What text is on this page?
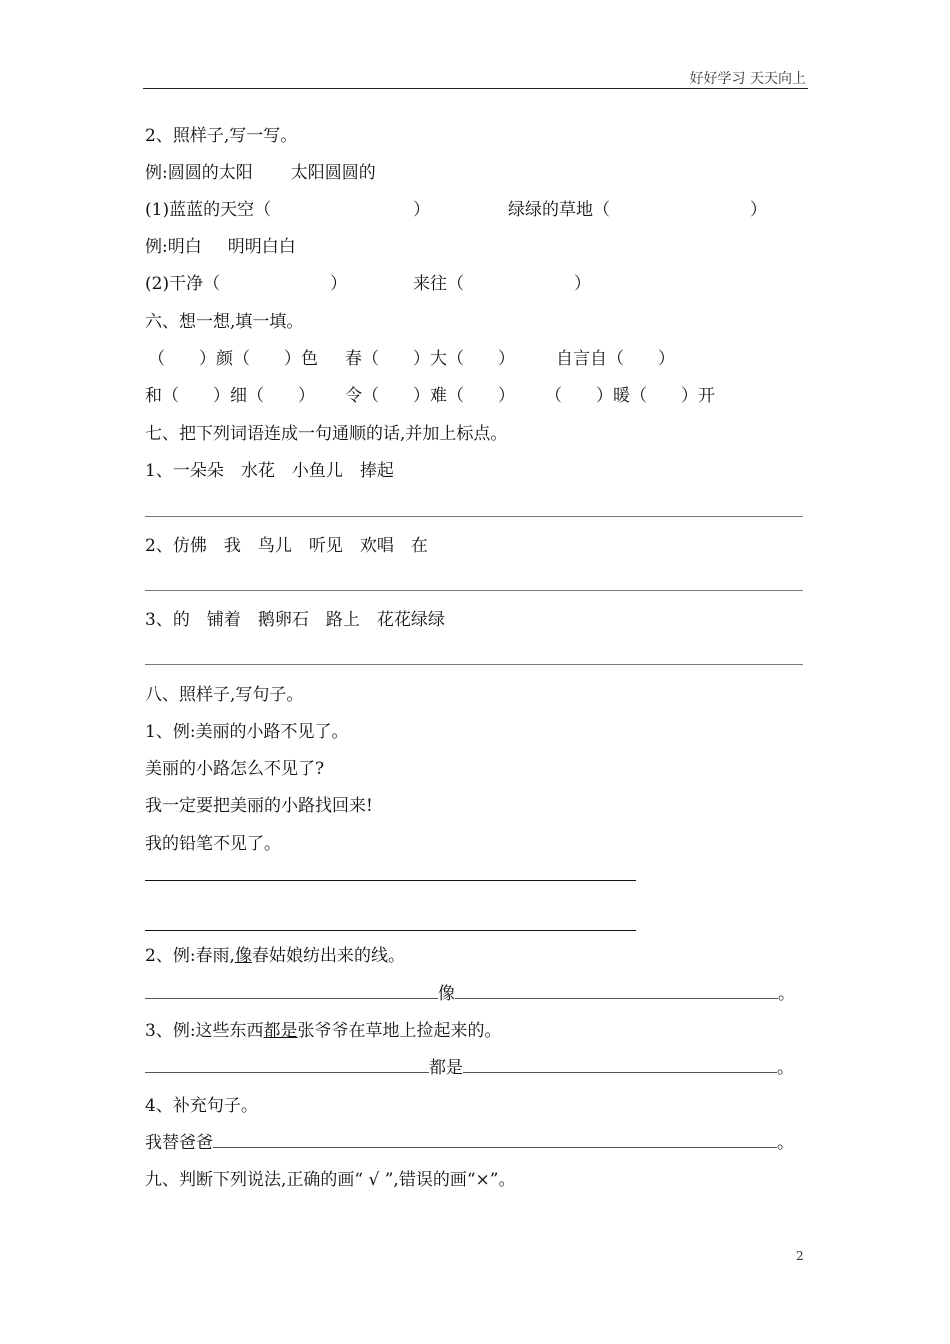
好好学习 天天向上
2、照样子,写一写。
例:圆圆的太阳 太阳圆圆的
(1)蓝蓝的天空（	）	绿绿的草地（	）
例:明白 明明白白
(2)干净（	）	来往（	）
六、想一想,填一填。
（　　）颜（　　）色 春（　　）大（　　） 自言自（　　）
和（　　）细（　　） 令（　　）难（　　） （　　）暖（　　）开
七、把下列词语连成一句通顺的话,并加上标点。
1、一朵朵　水花　小鱼儿　捧起
2、仿佛　我　鸟儿　听见　欢唱　在
3、的　铺着　鹅卵石　路上　花花绿绿
八、照样子,写句子。
1、例:美丽的小路不见了。
美丽的小路怎么不见了?
我一定要把美丽的小路找回来!
我的铅笔不见了。
2、例:春雨,像春姑娘纺出来的线。
像	。
3、例:这些东西都是张爷爷在草地上捡起来的。
都是	。
4、补充句子。
我替爸爸	。
九、判断下列说法,正确的画“ √ ”,错误的画“×”。
2
